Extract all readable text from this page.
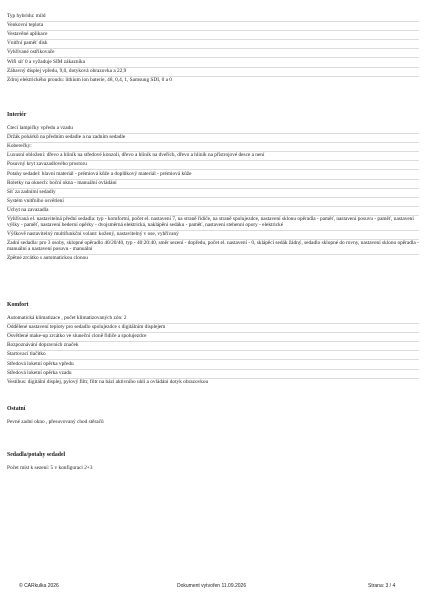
Typ hybridu: mild
Venkovní teplota
Vestavěné aplikace
Vnitřní paměť disk
Vyhřívané ostřikovače
Wifi síť 0 a vyžaduje SIM zákazníka
Zábavný displej vpředu, 9,0, dotyková obrazovka a 22,9
Zdroj elektrického proudu: lithium ion baterie, 48, 0,4, 1, Samsung SDI, 0 a 0
Interiér
Čtecí lampičky vpředu a vzadu
Držák pohárků na předním sedadle a na zadním sedadle
Koberečky:
Luxusní obložení: dřevo a hliník na středové konzoli, dřevo a hliník na dveřích, dřevo a hliník na přístrojové desce a není
Posuvný kryt zavazadlového prostoru
Potahy sedadel: hlavní materiál - prémiová kůže a doplňkový materiál - prémiová kůže
Roletky na oknech: boční okna - manuální ovládání
Síť za zadními sedadly
Systém vnitřního osvětlení
Úchyt na zavazadla
Vyhřívaná el. nastavitelná přední sedadla: typ - komfortní, počet el. nastavení 7, na straně řidiče, na straně spolujezdce, nastavení sklonu opěradla - paměť, nastavení posuvu - paměť, nastavení výšky - paměť, nastavení bederní opěrky - dvojsměrná elektrická, naklápění sedáku - paměť, nastavení stehenní opory - elektrické
Výškově nastavitelný multifunkční volant: kožený, nastavitelný v ose, vyhřívaný
Zadní sedadla: pro 3 osoby, sklopné opěradlo 40/20/40, typ - 40:20:40, směr sezení - dopředu, počet el. nastavení - 0, sklápěcí sedák žádný, sedadlo sklopné do rovny, nastavení sklonu opěradla - manuální a nastavení posuvu - manuální
Zpětné zrcátko s automatickou clonou
Komfort
Automatická klimatizace , počet klimatizovaných zón: 2
Oddělené nastavení teploty pro sedadlo spolujezdce s digitálním displejem
Osvětlené make-up zrcátko ve sluneční cloně řidiče a spolujezdce
Rozpoznávání dopravních značek
Startovací tlačítko
Středová loketní opěrka vpředu
Středová loketní opěrka vzadu
Vestibus: digitální displej, pylový filtr, filtr na bázi aktivního uhlí a ovládání dotyk obrazovkou
Ostatní
Pevné zadní okno , přesuvovaný chod stěračů
Sedadla/potahy sedadel
Počet míst k sezení: 5 v konfiguraci 2+3
© CARkulka 2026	Dokument vytvořen 11.09.2026	Strana: 3 / 4
